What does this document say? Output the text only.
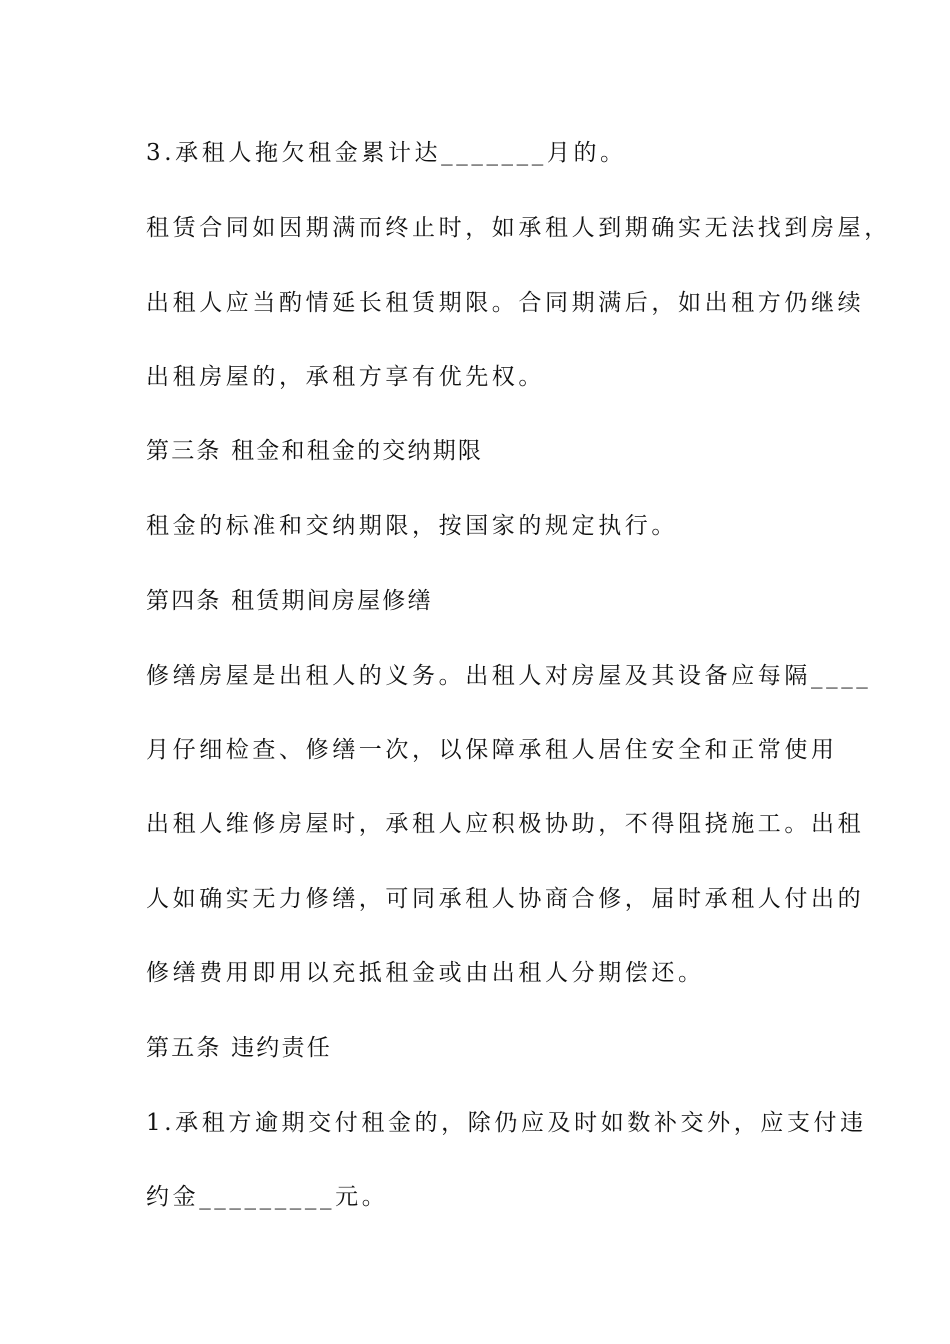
3.承租人拖欠租金累计达_______月的。
租赁合同如因期满而终止时，如承租人到期确实无法找到房屋，
出租人应当酌情延长租赁期限。合同期满后，如出租方仍继续
出租房屋的，承租方享有优先权。
第三条 租金和租金的交纳期限
租金的标准和交纳期限，按国家的规定执行。
第四条 租赁期间房屋修缮
修缮房屋是出租人的义务。出租人对房屋及其设备应每隔____
月仔细检查、修缮一次，以保障承租人居住安全和正常使用
出租人维修房屋时，承租人应积极协助，不得阻挠施工。出租
人如确实无力修缮，可同承租人协商合修，届时承租人付出的
修缮费用即用以充抵租金或由出租人分期偿还。
第五条 违约责任
1.承租方逾期交付租金的，除仍应及时如数补交外，应支付违
约金_________元。
